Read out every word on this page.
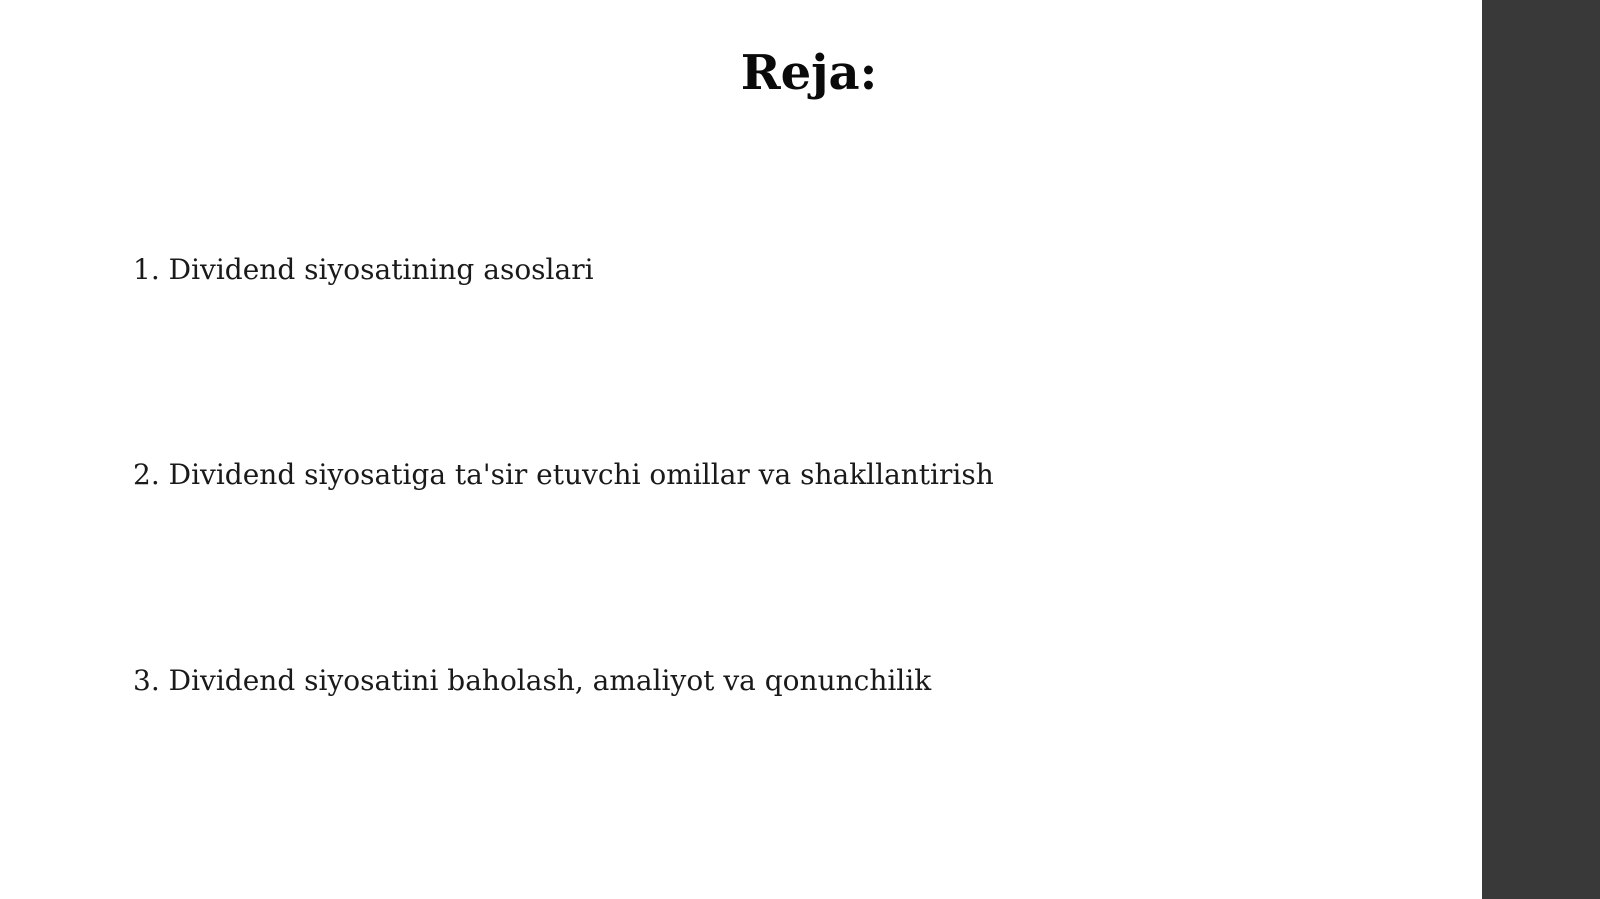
Reja:

1. Dividend siyosatining asoslari

2. Dividend siyosatiga ta'sir etuvchi omillar va shakllantirish

3. Dividend siyosatini baholash, amaliyot va qonunchilik
